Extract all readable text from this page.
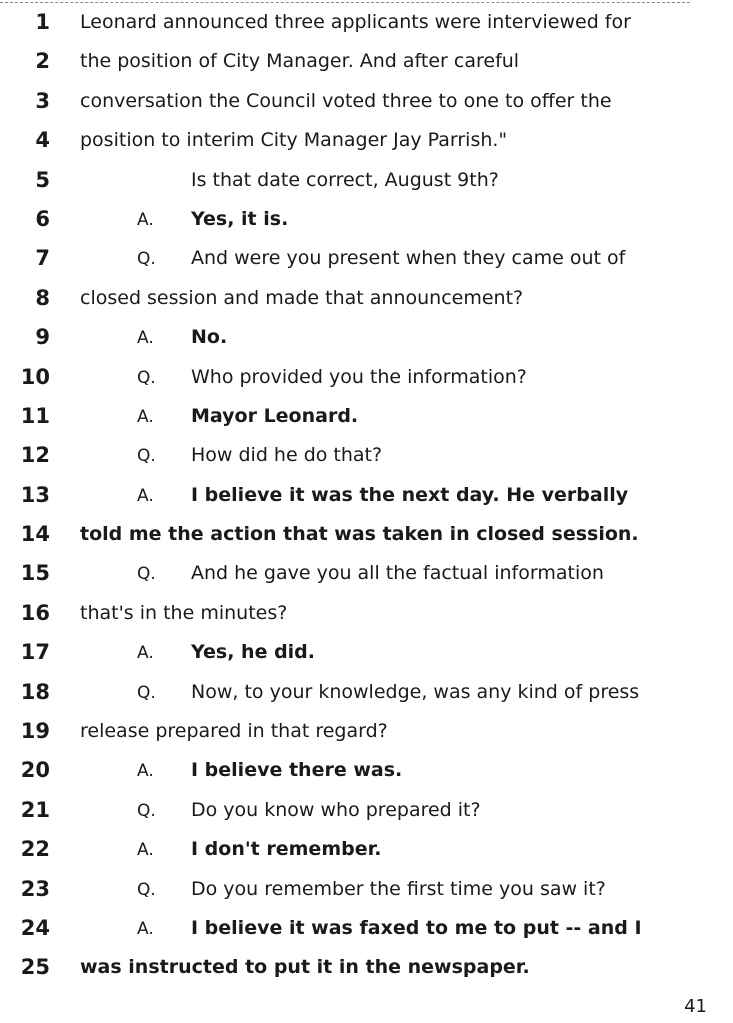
1 Leonard announced three applicants were interviewed for
2 the position of City Manager. And after careful
3 conversation the Council voted three to one to offer the
4 position to interim City Manager Jay Parrish."
5	Is that date correct, August 9th?
6	A. Yes, it is.
7	Q. And were you present when they came out of
8 closed session and made that announcement?
9	A. No.
10	Q. Who provided you the information?
11	A. Mayor Leonard.
12	Q. How did he do that?
13	A. I believe it was the next day. He verbally
14 told me the action that was taken in closed session.
15	Q. And he gave you all the factual information
16 that's in the minutes?
17	A. Yes, he did.
18	Q. Now, to your knowledge, was any kind of press
19 release prepared in that regard?
20	A. I believe there was.
21	Q. Do you know who prepared it?
22	A. I don't remember.
23	Q. Do you remember the first time you saw it?
24	A. I believe it was faxed to me to put -- and I
25 was instructed to put it in the newspaper.
41
